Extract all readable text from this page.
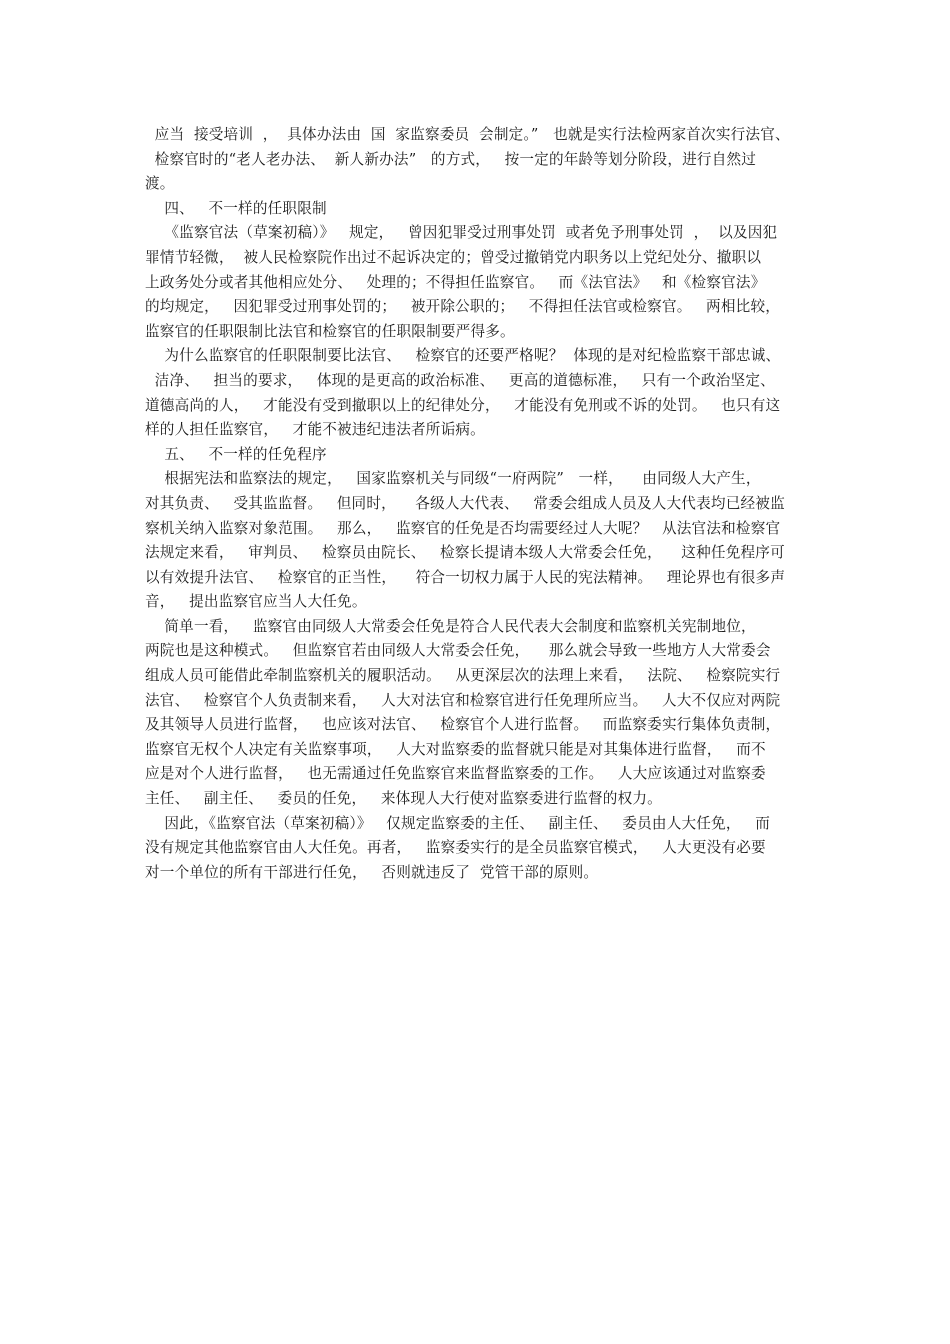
应当  接受培训  ，  具体办法由  国  家监察委员  会制定。”   也就是实行法检两家首次实行法官、
检察官时的“老人老办法、  新人新办法”   的方式，   按一定的年龄等划分阶段，进行自然过
渡。
四、   不一样的任职限制
《监察官法（草案初稿）》   规定，   曾因犯罪受过刑事处罚  或者免予刑事处罚  ，  以及因犯
罪情节轻微，  被人民检察院作出过不起诉决定的；曾受过撤销党内职务以上党纪处分、撤职以
上政务处分或者其他相应处分、   处理的；不得担任监察官。   而《法官法》   和《检察官法》
的均规定，   因犯罪受过刑事处罚的；   被开除公职的；   不得担任法官或检察官。   两相比较，
监察官的任职限制比法官和检察官的任职限制要严得多。
为什么监察官的任职限制要比法官、   检察官的还要严格呢？  体现的是对纪检监察干部忠诚、
洁净、   担当的要求，   体现的是更高的政治标准、   更高的道德标准，   只有一个政治坚定、
道德高尚的人，   才能没有受到撤职以上的纪律处分，   才能没有免刑或不诉的处罚。   也只有这
样的人担任监察官，   才能不被违纪违法者所诟病。
五、   不一样的任免程序
根据宪法和监察法的规定，   国家监察机关与同级“一府两院”   一样，    由同级人大产生，
对其负责、   受其监监督。   但同时，    各级人大代表、   常委会组成人员及人大代表均已经被监
察机关纳入监察对象范围。   那么，   监察官的任免是否均需要经过人大呢？   从法官法和检察官
法规定来看，   审判员、   检察员由院长、   检察长提请本级人大常委会任免，    这种任免程序可
以有效提升法官、   检察官的正当性，    符合一切权力属于人民的宪法精神。   理论界也有很多声
音，   提出监察官应当人大任免。
简单一看，   监察官由同级人大常委会任免是符合人民代表大会制度和监察机关宪制地位，
两院也是这种模式。   但监察官若由同级人大常委会任免，    那么就会导致一些地方人大常委会
组成人员可能借此牵制监察机关的履职活动。   从更深层次的法理上来看，   法院、   检察院实行
法官、   检察官个人负责制来看，   人大对法官和检察官进行任免理所应当。   人大不仅应对两院
及其领导人员进行监督，   也应该对法官、   检察官个人进行监督。   而监察委实行集体负责制，
监察官无权个人决定有关监察事项，   人大对监察委的监督就只能是对其集体进行监督，   而不
应是对个人进行监督，   也无需通过任免监察官来监督监察委的工作。   人大应该通过对监察委
主任、   副主任、   委员的任免，   来体现人大行使对监察委进行监督的权力。
因此，《监察官法（草案初稿）》   仅规定监察委的主任、   副主任、   委员由人大任免，   而
没有规定其他监察官由人大任免。再者，   监察委实行的是全员监察官模式，   人大更没有必要
对一个单位的所有干部进行任免，   否则就违反了  党管干部的原则。
